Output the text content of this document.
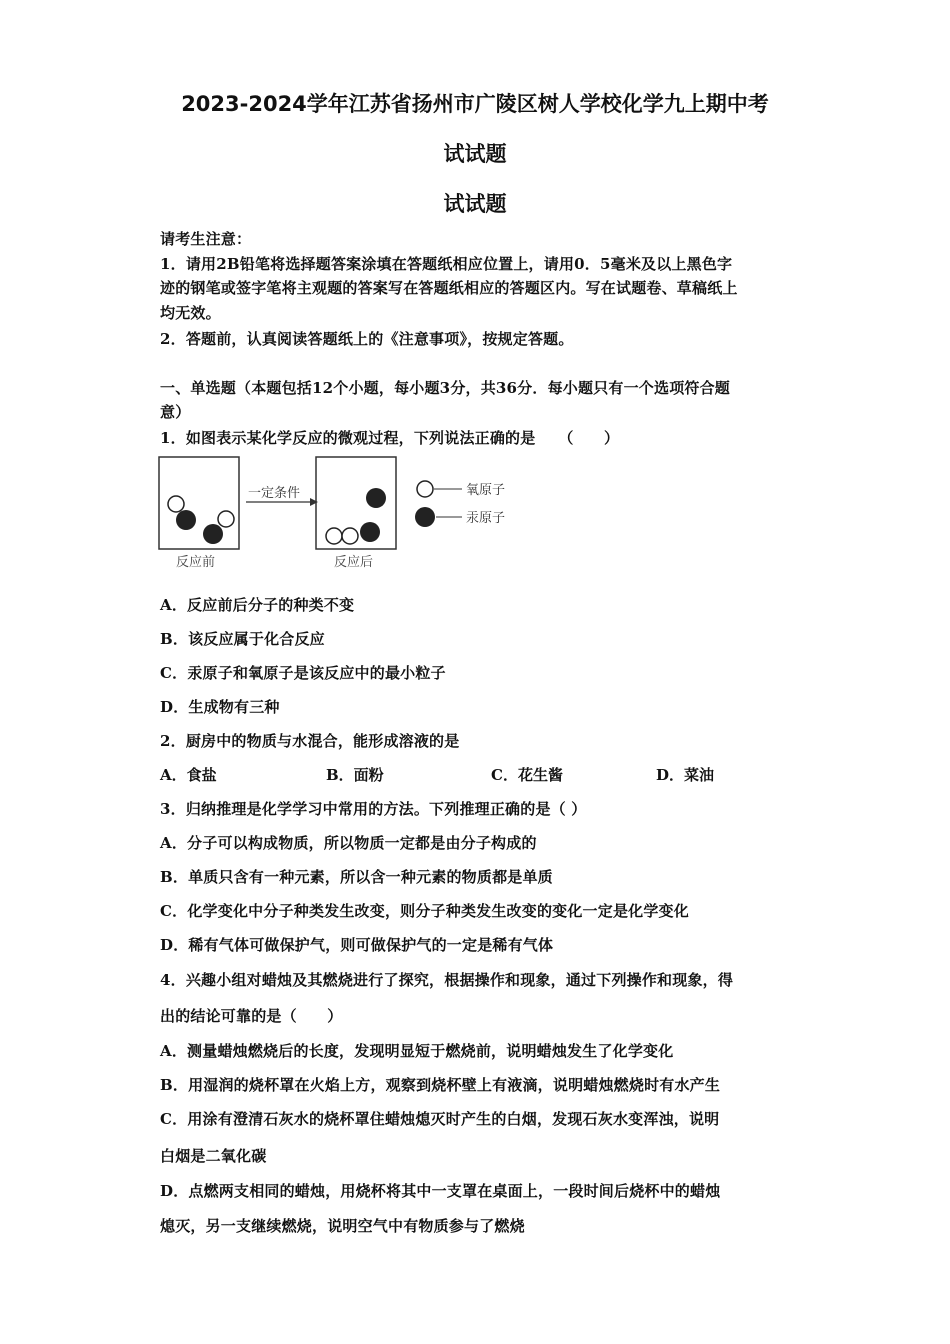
2023-2024学年江苏省扬州市广陵区树人学校化学九上期中考
试试题
试试题
请考生注意：
1．请用2B铅笔将选择题答案涂填在答题纸相应位置上，请用0．5毫米及以上黑色字
迹的钢笔或签字笔将主观题的答案写在答题纸相应的答题区内。写在试题卷、草稿纸上
均无效。
2．答题前，认真阅读答题纸上的《注意事项》，按规定答题。
一、单选题（本题包括12个小题，每小题3分，共36分．每小题只有一个选项符合题
意）
1．如图表示某化学反应的微观过程，下列说法正确的是　　（　　）
一定条件
反应前	反应后
氧原子
汞原子
A．反应前后分子的种类不变
B．该反应属于化合反应
C．汞原子和氧原子是该反应中的最小粒子
D．生成物有三种
2．厨房中的物质与水混合，能形成溶液的是
A．食盐	B．面粉	C．花生酱	D．菜油
3．归纳推理是化学学习中常用的方法。下列推理正确的是（ ）
A．分子可以构成物质，所以物质一定都是由分子构成的
B．单质只含有一种元素，所以含一种元素的物质都是单质
C．化学变化中分子种类发生改变，则分子种类发生改变的变化一定是化学变化
D．稀有气体可做保护气，则可做保护气的一定是稀有气体
4．兴趣小组对蜡烛及其燃烧进行了探究，根据操作和现象，通过下列操作和现象，得
出的结论可靠的是（　　）
A．测量蜡烛燃烧后的长度，发现明显短于燃烧前，说明蜡烛发生了化学变化
B．用湿润的烧杯罩在火焰上方，观察到烧杯壁上有液滴，说明蜡烛燃烧时有水产生
C．用涂有澄清石灰水的烧杯罩住蜡烛熄灭时产生的白烟，发现石灰水变浑浊，说明
白烟是二氧化碳
D．点燃两支相同的蜡烛，用烧杯将其中一支罩在桌面上，一段时间后烧杯中的蜡烛
熄灭，另一支继续燃烧，说明空气中有物质参与了燃烧
